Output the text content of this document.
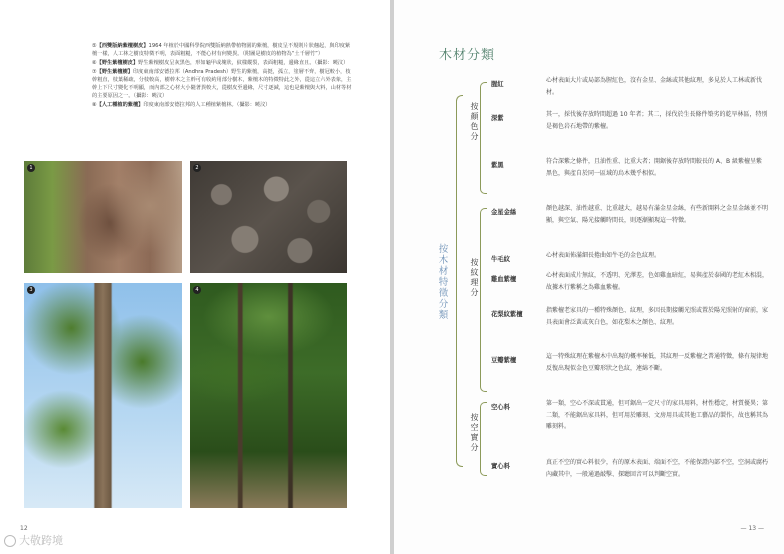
⑤【西雙版納紫檀樹皮】1964 年植於中國科學院西雙版納熱帶植物園的紫檀，樹皮呈不規則片狀翹起，與印度紫檀一樣，人工林之樹皮特徵不明，表面粗糙，不能心材有何變異。（附圖是樹皮的植物為“土千層竹”）
⑥【野生紫檀樹皮】野生紫檀樹皮呈灰黑色，形如龜甲或塊狀，紋樣縱裂，表面粗糙，邊緣直且。（攝影：曉汶）
⑦【野生紫檀樹】印度東南部安德拉邦（Andhra Pradesh）野生的紫檀，高挺，孤立，塗層不齊，樹冠較小，枝幹粗直，枝葉稀疏，分枝較高，樹幹木之主幹可有收約用部分樹木，紫檀木的特徵特此之外，從這立六外表象，主幹上下尺寸變化不明顯，而內部之心材大小隨著異較大，從樹皮至邊緣，尺寸逐減，這也是紫檀與大料，山材等材的主要原因之一。（攝影：曉汶）
⑧【人工種植的紫檀】印度東南部安德拉邦的人工種植紫檀林。（攝影：曉汶）
1	2
3	4
12
大敬跨境
木材分類
按木材特徵分類
按顏色分
按紋理分
按空實分
腥紅
心材表面大片或局部為腥紅色，沒有金星、金絲或其他紋理，多見於人工林或新伐材。
深紫
其一，採伐後存放時間超過 10 年者；其二，採伐於生長條件築劣的乾旱林區，特別是褐色岩石地帶的紫檀。
紫黑
符合深紫之條件，且油性重、比重大者；開鋸後存放時間較長的 A、B 級紫檀呈紫黑色，與產自於同一區域的烏木幾乎相似。
金星金絲
顏色越深、油性越重、比重越大，越易有滿金星金絲，有些新開料之金星金絲並不明顯，與空氣、陽光接觸時間長，則逐漸顯現這一特徵。
牛毛紋
心材表面佈滿細長捲曲如牛毛的金色紋理。
雞血紫檀
心材表面成片無紋，不透明、光澤差，色如雞血暗紅，易與產於泰國的老紅木相混，故據木行紫稱之為雞血紫檀。
花梨紋紫檀
指紫檀老家具的一種特殊顏色、紋理，多因長期接觸光照或置於陽光照射的窗前，家具表面會泛黃或灰白色，如花梨木之顏色、紋理。
豆瓣紫檀
這一特殊紋理在紫檀木中出現的概率極低，其紋理一反紫檀之普通特徵，條有規律地反復出現似金色豆瓣形狀之色紋，連綿不斷。
空心料
第一類，空心不深或貫通，但可鋸出一定尺寸的家具用料，材性穩定，材質優異；第二類，不能鋸出家具料，但可用於雕刻、文房用具或其他工藝品的製作，故也稱其為雕刻料。
實心料
真正不空的實心料很少，有的原木表面、端面不空，不能保證內部不空，空洞或腐朽內藏其中，一般通過敲擊、探聽回音可以判斷空實。
— 13 —
